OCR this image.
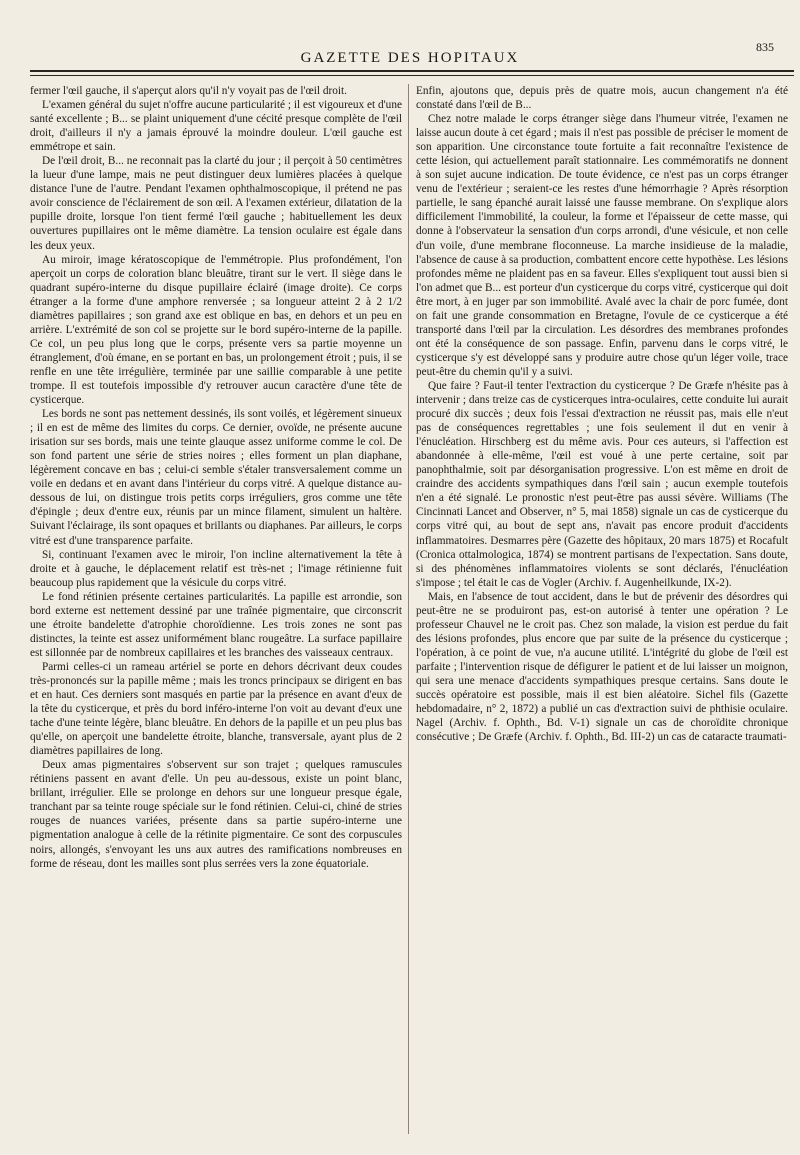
835
GAZETTE DES HOPITAUX

fermer l'œil gauche, il s'aperçut alors qu'il n'y voyait pas de l'œil droit.

L'examen général du sujet n'offre aucune particularité ; il est vigoureux et d'une santé excellente ; B... se plaint uniquement d'une cécité presque complète de l'œil droit, d'ailleurs il n'y a jamais éprouvé la moindre douleur. L'œil gauche est emmétrope et sain.

De l'œil droit, B... ne reconnait pas la clarté du jour ; il perçoit à 50 centimètres la lueur d'une lampe, mais ne peut distinguer deux lumières placées à quelque distance l'une de l'autre. Pendant l'examen ophthalmoscopique, il prétend ne pas avoir conscience de l'éclairement de son œil. A l'examen extérieur, dilatation de la pupille droite, lorsque l'on tient fermé l'œil gauche ; habituellement les deux ouvertures pupillaires ont le même diamètre. La tension oculaire est égale dans les deux yeux.

Au miroir, image kératoscopique de l'emmétropie. Plus profondément, l'on aperçoit un corps de coloration blanc bleuâtre, tirant sur le vert. Il siège dans le quadrant supéro-interne du disque pupillaire éclairé (image droite). Ce corps étranger a la forme d'une amphore renversée ; sa longueur atteint 2 à 2 1/2 diamètres papillaires ; son grand axe est oblique en bas, en dehors et un peu en arrière. L'extrémité de son col se projette sur le bord supéro-interne de la papille. Ce col, un peu plus long que le corps, présente vers sa partie moyenne un étranglement, d'où émane, en se portant en bas, un prolongement étroit ; puis, il se renfle en une tête irrégulière, terminée par une saillie comparable à une petite trompe. Il est toutefois impossible d'y retrouver aucun caractère d'une tête de cysticerque.

Les bords ne sont pas nettement dessinés, ils sont voilés, et légèrement sinueux ; il en est de même des limites du corps. Ce dernier, ovoïde, ne présente aucune irisation sur ses bords, mais une teinte glauque assez uniforme comme le col. De son fond partent une série de stries noires ; elles forment un plan diaphane, légèrement concave en bas ; celui-ci semble s'étaler transversalement comme un voile en dedans et en avant dans l'intérieur du corps vitré. A quelque distance au-dessous de lui, on distingue trois petits corps irréguliers, gros comme une tête d'épingle ; deux d'entre eux, réunis par un mince filament, simulent un haltère. Suivant l'éclairage, ils sont opaques et brillants ou diaphanes. Par ailleurs, le corps vitré est d'une transparence parfaite.

Si, continuant l'examen avec le miroir, l'on incline alternativement la tête à droite et à gauche, le déplacement relatif est très-net ; l'image rétinienne fuit beaucoup plus rapidement que la vésicule du corps vitré.

Le fond rétinien présente certaines particularités. La papille est arrondie, son bord externe est nettement dessiné par une traînée pigmentaire, que circonscrit une étroite bandelette d'atrophie choroïdienne. Les trois zones ne sont pas distinctes, la teinte est assez uniformément blanc rougeâtre. La surface papillaire est sillonnée par de nombreux capillaires et les branches des vaisseaux centraux.

Parmi celles-ci un rameau artériel se porte en dehors décrivant deux coudes très-prononcés sur la papille même ; mais les troncs principaux se dirigent en bas et en haut. Ces derniers sont masqués en partie par la présence en avant d'eux de la tête du cysticerque, et près du bord inféro-interne l'on voit au devant d'eux une tache d'une teinte légère, blanc bleuâtre. En dehors de la papille et un peu plus bas qu'elle, on aperçoit une bandelette étroite, blanche, transversale, ayant plus de 2 diamètres papillaires de long.

Deux amas pigmentaires s'observent sur son trajet ; quelques ramuscules rétiniens passent en avant d'elle. Un peu au-dessous, existe un point blanc, brillant, irrégulier. Elle se prolonge en dehors sur une longueur presque égale, tranchant par sa teinte rouge spéciale sur le fond rétinien. Celui-ci, chiné de stries rouges de nuances variées, présente dans sa partie supéro-interne une pigmentation analogue à celle de la rétinite pigmentaire. Ce sont des corpuscules noirs, allongés, s'envoyant les uns aux autres des ramifications nombreuses en forme de réseau, dont les mailles sont plus serrées vers la zone équatoriale.

Enfin, ajoutons que, depuis près de quatre mois, aucun changement n'a été constaté dans l'œil de B...

Chez notre malade le corps étranger siège dans l'humeur vitrée, l'examen ne laisse aucun doute à cet égard ; mais il n'est pas possible de préciser le moment de son apparition. Une circonstance toute fortuite a fait reconnaître l'existence de cette lésion, qui actuellement paraît stationnaire. Les commémoratifs ne donnent à son sujet aucune indication. De toute évidence, ce n'est pas un corps étranger venu de l'extérieur ; seraient-ce les restes d'une hémorrhagie ? Après résorption partielle, le sang épanché aurait laissé une fausse membrane. On s'explique alors difficilement l'immobilité, la couleur, la forme et l'épaisseur de cette masse, qui donne à l'observateur la sensation d'un corps arrondi, d'une vésicule, et non celle d'un voile, d'une membrane floconneuse. La marche insidieuse de la maladie, l'absence de cause à sa production, combattent encore cette hypothèse. Les lésions profondes même ne plaident pas en sa faveur. Elles s'expliquent tout aussi bien si l'on admet que B... est porteur d'un cysticerque du corps vitré, cysticerque qui doit être mort, à en juger par son immobilité. Avalé avec la chair de porc fumée, dont on fait une grande consommation en Bretagne, l'ovule de ce cysticerque a été transporté dans l'œil par la circulation. Les désordres des membranes profondes ont été la conséquence de son passage. Enfin, parvenu dans le corps vitré, le cysticerque s'y est développé sans y produire autre chose qu'un léger voile, trace peut-être du chemin qu'il y a suivi.

Que faire ? Faut-il tenter l'extraction du cysticerque ? De Græfe n'hésite pas à intervenir ; dans treize cas de cysticerques intra-oculaires, cette conduite lui aurait procuré dix succès ; deux fois l'essai d'extraction ne réussit pas, mais elle n'eut pas de conséquences regrettables ; une fois seulement il dut en venir à l'énucléation. Hirschberg est du même avis. Pour ces auteurs, si l'affection est abandonnée à elle-même, l'œil est voué à une perte certaine, soit par panophthalmie, soit par désorganisation progressive. L'on est même en droit de craindre des accidents sympathiques dans l'œil sain ; aucun exemple toutefois n'en a été signalé. Le pronostic n'est peut-être pas aussi sévère. Williams (The Cincinnati Lancet and Observer, n° 5, mai 1858) signale un cas de cysticerque du corps vitré qui, au bout de sept ans, n'avait pas encore produit d'accidents inflammatoires. Desmarres père (Gazette des hôpitaux, 20 mars 1875) et Rocafult (Cronica ottalmologica, 1874) se montrent partisans de l'expectation. Sans doute, si des phénomènes inflammatoires violents se sont déclarés, l'énucléation s'impose ; tel était le cas de Vogler (Archiv. f. Augenheilkunde, IX-2).

Mais, en l'absence de tout accident, dans le but de prévenir des désordres qui peut-être ne se produiront pas, est-on autorisé à tenter une opération ? Le professeur Chauvel ne le croit pas. Chez son malade, la vision est perdue du fait des lésions profondes, plus encore que par suite de la présence du cysticerque ; l'opération, à ce point de vue, n'a aucune utilité. L'intégrité du globe de l'œil est parfaite ; l'intervention risque de défigurer le patient et de lui laisser un moignon, qui sera une menace d'accidents sympathiques presque certains. Sans doute le succès opératoire est possible, mais il est bien aléatoire. Sichel fils (Gazette hebdomadaire, n° 2, 1872) a publié un cas d'extraction suivi de phthisie oculaire. Nagel (Archiv. f. Ophth., Bd. V-1) signale un cas de choroïdite chronique consécutive ; De Græfe (Archiv. f. Ophth., Bd. III-2) un cas de cataracte traumati-
